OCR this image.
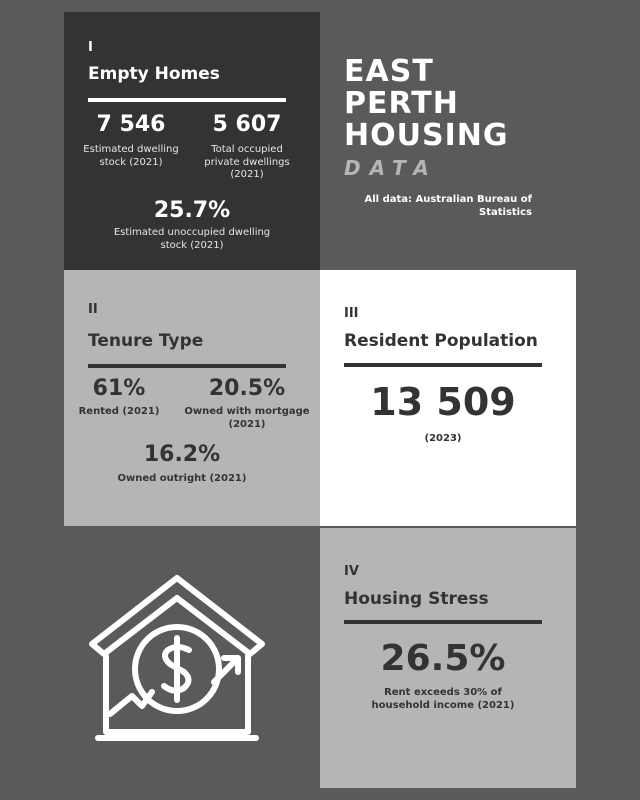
I
Empty Homes
7 546
Estimated dwelling stock (2021)
5 607
Total occupied private dwellings (2021)
25.7%
Estimated unoccupied dwelling stock (2021)
EAST
PERTH
HOUSING
DATA
All data: Australian Bureau of Statistics
II
Tenure Type
61%
Rented (2021)
20.5%
Owned with mortgage (2021)
16.2%
Owned outright (2021)
III
Resident Population
13 509
(2023)
IV
Housing Stress
26.5%
Rent exceeds 30% of household income (2021)
